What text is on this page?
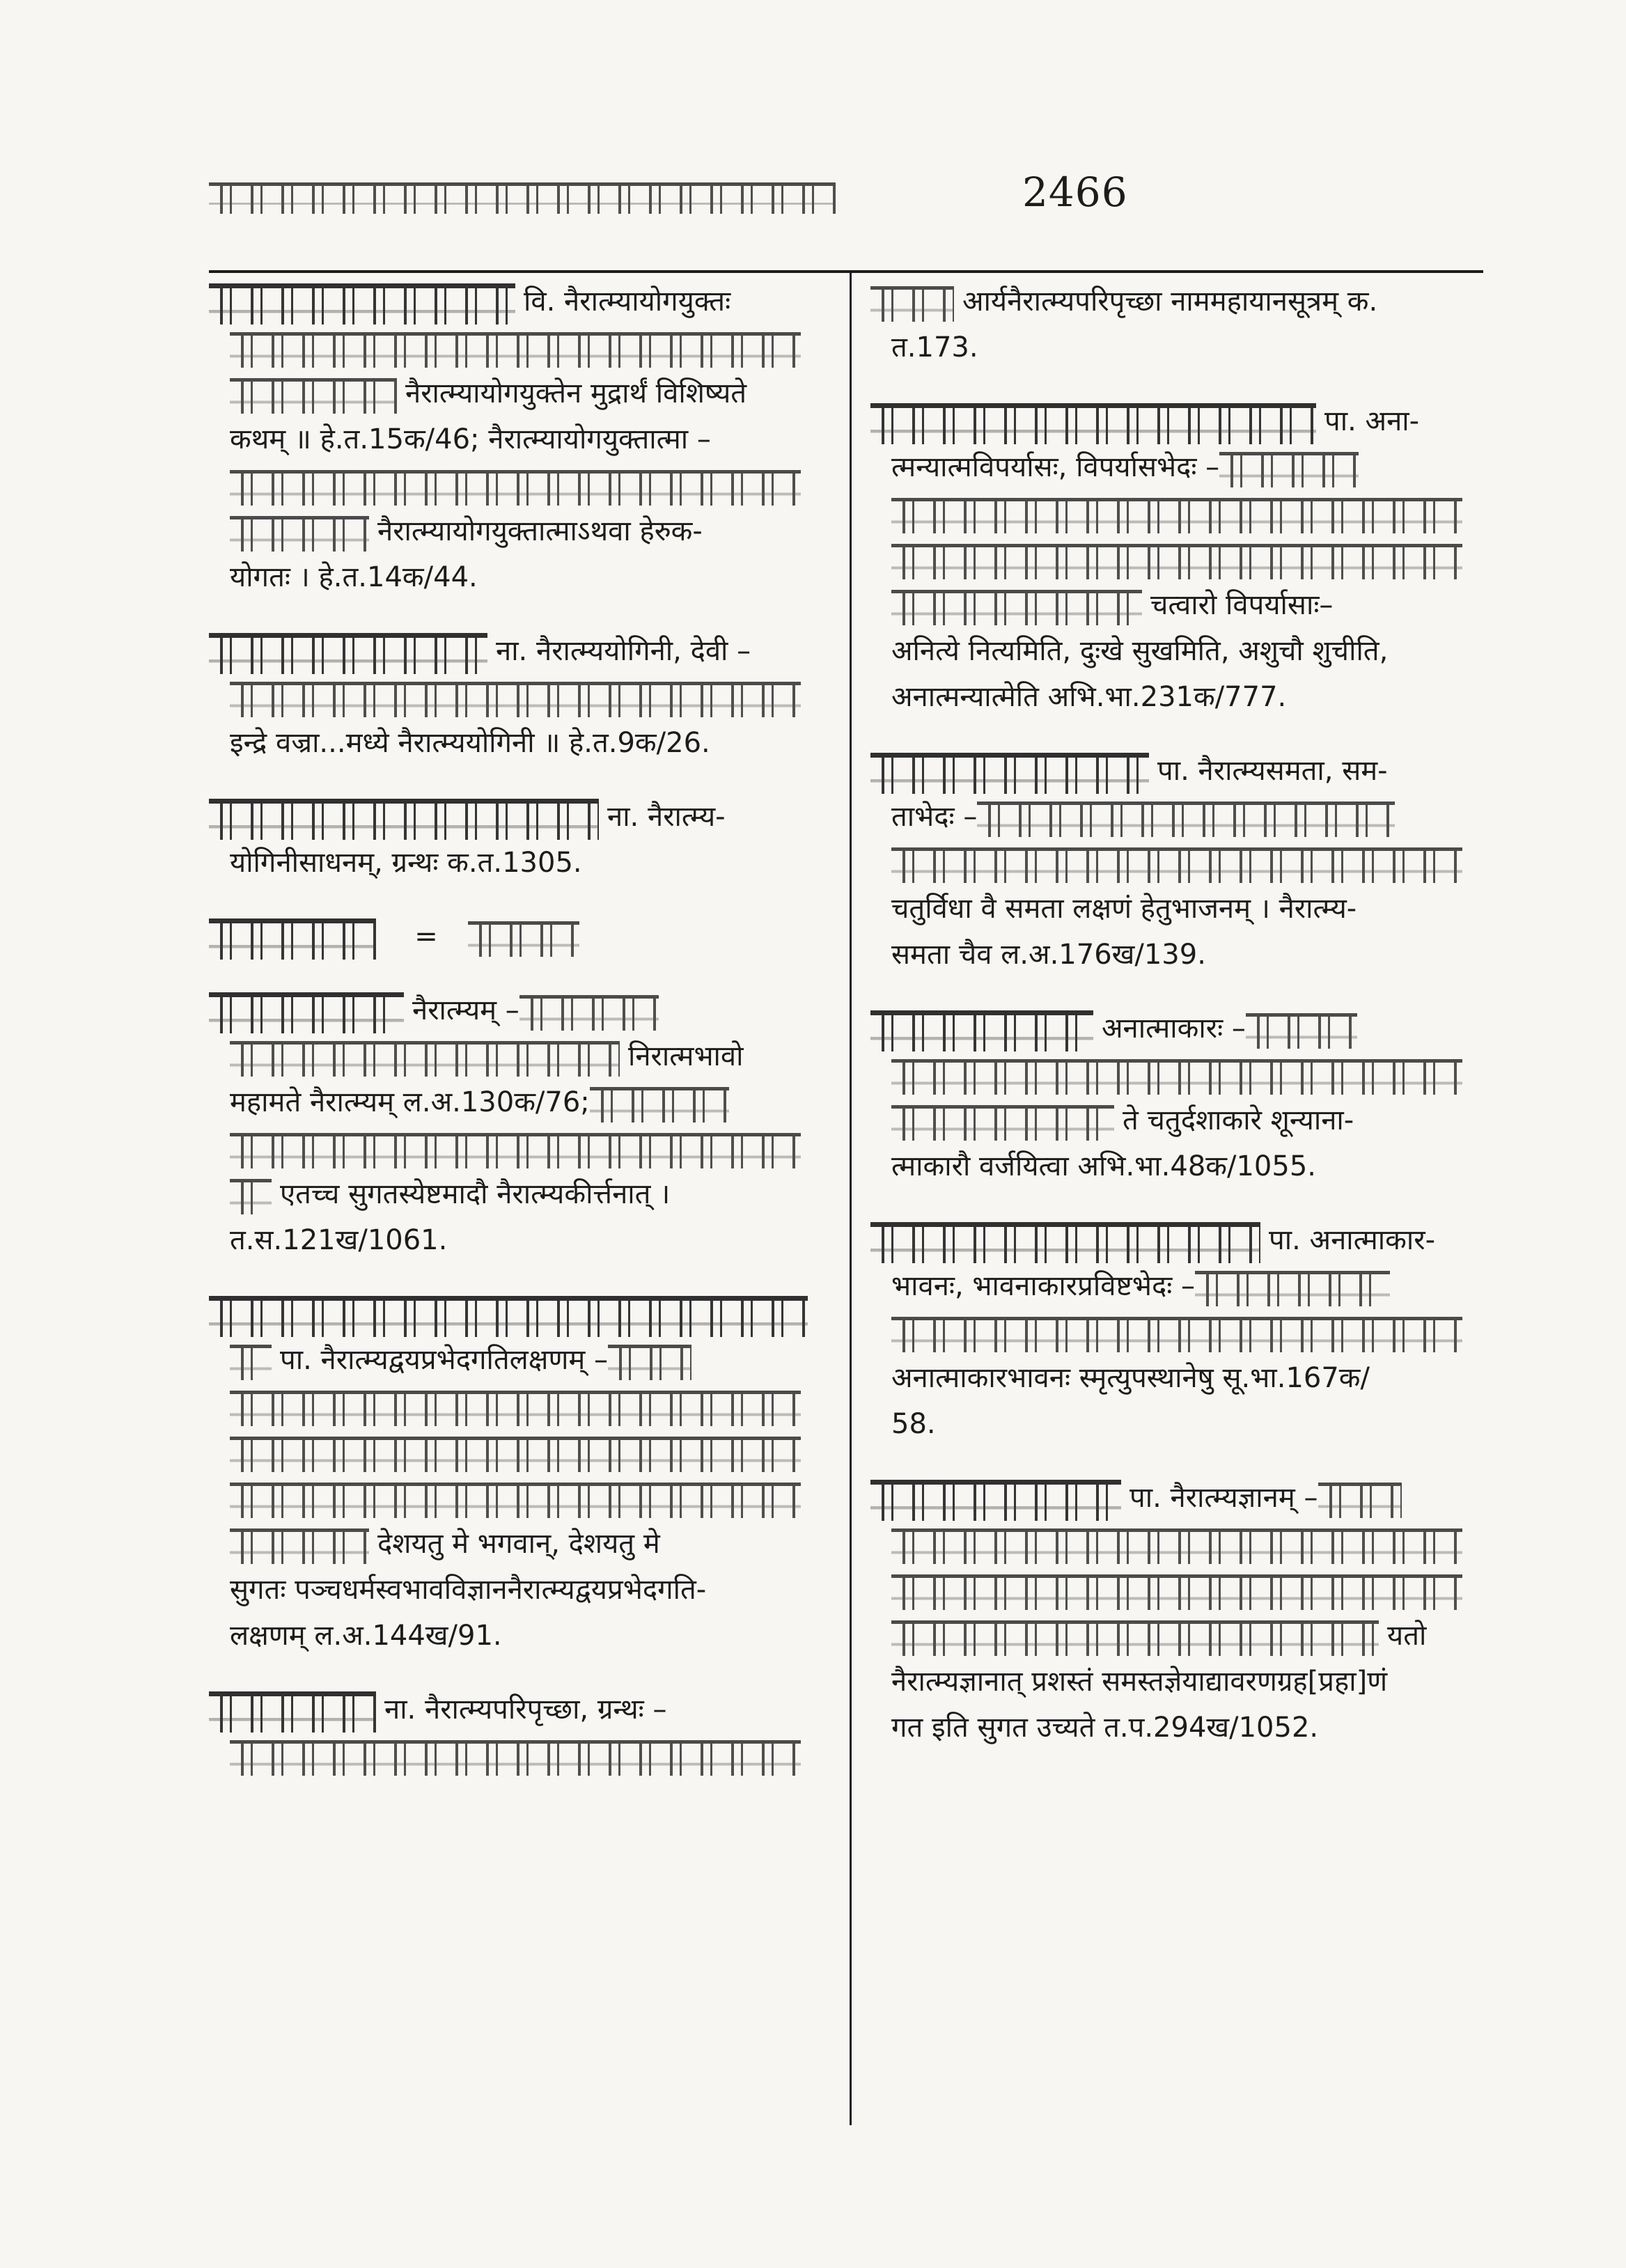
2466
वि. नैरात्म्यायोगयुक्तः
नैरात्म्यायोगयुक्तेन मुद्रार्थं विशिष्यते
कथम् ॥ हे.त.15क/46; नैरात्म्यायोगयुक्तात्मा –
नैरात्म्यायोगयुक्तात्माऽथवा हेरुक-
योगतः । हे.त.14क/44.
ना. नैरात्म्ययोगिनी, देवी –
इन्द्रे वज्रा...मध्ये नैरात्म्ययोगिनी ॥ हे.त.9क/26.
ना. नैरात्म्य-
योगिनीसाधनम्, ग्रन्थः क.त.1305.
=
नैरात्म्यम् –
निरात्मभावो
महामते नैरात्म्यम् ल.अ.130क/76;
एतच्च सुगतस्येष्टमादौ नैरात्म्यकीर्त्तनात् ।
त.स.121ख/1061.
पा. नैरात्म्यद्वयप्रभेदगतिलक्षणम् –
देशयतु मे भगवान्, देशयतु मे
सुगतः पञ्चधर्मस्वभावविज्ञाननैरात्म्यद्वयप्रभेदगति-
लक्षणम् ल.अ.144ख/91.
ना. नैरात्म्यपरिपृच्छा, ग्रन्थः –
आर्यनैरात्म्यपरिपृच्छा नाममहायानसूत्रम् क.
त.173.
पा. अना-
त्मन्यात्मविपर्यासः, विपर्यासभेदः –
चत्वारो विपर्यासाः–
अनित्ये नित्यमिति, दुःखे सुखमिति, अशुचौ शुचीति,
अनात्मन्यात्मेति अभि.भा.231क/777.
पा. नैरात्म्यसमता, सम-
ताभेदः –
चतुर्विधा वै समता लक्षणं हेतुभाजनम् । नैरात्म्य-
समता चैव ल.अ.176ख/139.
अनात्माकारः –
ते चतुर्दशाकारे शून्याना-
त्माकारौ वर्जयित्वा अभि.भा.48क/1055.
पा. अनात्माकार-
भावनः, भावनाकारप्रविष्टभेदः –
अनात्माकारभावनः स्मृत्युपस्थानेषु सू.भा.167क/
58.
पा. नैरात्म्यज्ञानम् –
यतो
नैरात्म्यज्ञानात् प्रशस्तं समस्तज्ञेयाद्यावरणग्रह[प्रहा]णं
गत इति सुगत उच्यते त.प.294ख/1052.
